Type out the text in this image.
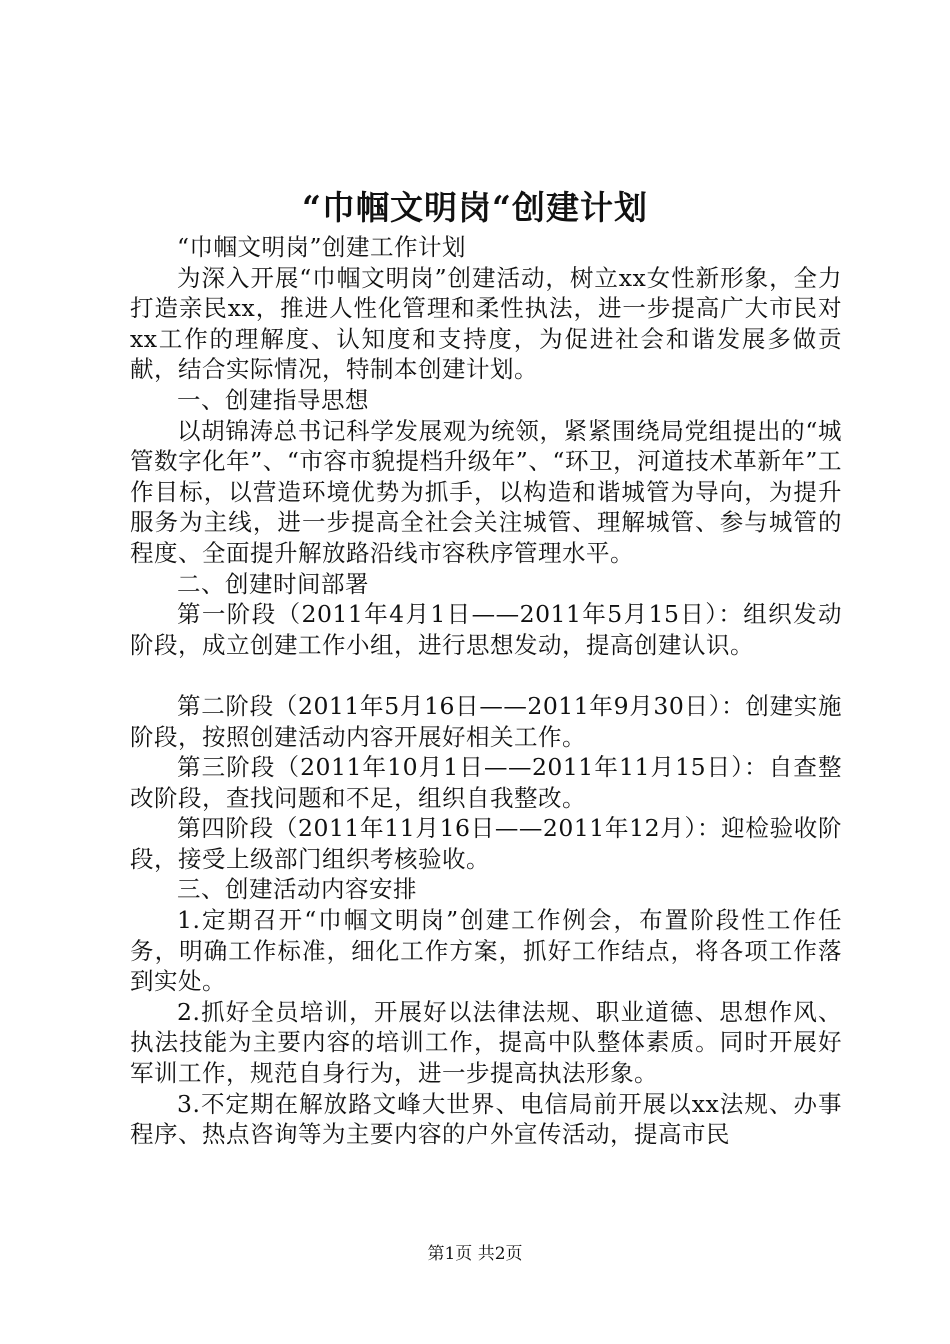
“巾帼文明岗“创建计划

“巾帼文明岗”创建工作计划

为深入开展“巾帼文明岗”创建活动，树立xx女性新形象，全力打造亲民xx，推进人性化管理和柔性执法，进一步提高广大市民对xx工作的理解度、认知度和支持度，为促进社会和谐发展多做贡献，结合实际情况，特制本创建计划。

一、创建指导思想

以胡锦涛总书记科学发展观为统领，紧紧围绕局党组提出的“城管数字化年”、“市容市貌提档升级年”、“环卫，河道技术革新年”工作目标，以营造环境优势为抓手，以构造和谐城管为导向，为提升服务为主线，进一步提高全社会关注城管、理解城管、参与城管的程度、全面提升解放路沿线市容秩序管理水平。

二、创建时间部署

第一阶段（2011年4月1日——2011年5月15日）：组织发动阶段，成立创建工作小组，进行思想发动，提高创建认识。

第二阶段（2011年5月16日——2011年9月30日）：创建实施阶段，按照创建活动内容开展好相关工作。

第三阶段（2011年10月1日——2011年11月15日）：自查整改阶段，查找问题和不足，组织自我整改。

第四阶段（2011年11月16日——2011年12月）：迎检验收阶段，接受上级部门组织考核验收。

三、创建活动内容安排

1.定期召开“巾帼文明岗”创建工作例会，布置阶段性工作任务，明确工作标准，细化工作方案，抓好工作结点，将各项工作落到实处。

2.抓好全员培训，开展好以法律法规、职业道德、思想作风、执法技能为主要内容的培训工作，提高中队整体素质。同时开展好军训工作，规范自身行为，进一步提高执法形象。

3.不定期在解放路文峰大世界、电信局前开展以xx法规、办事程序、热点咨询等为主要内容的户外宣传活动，提高市民

第1页 共2页
